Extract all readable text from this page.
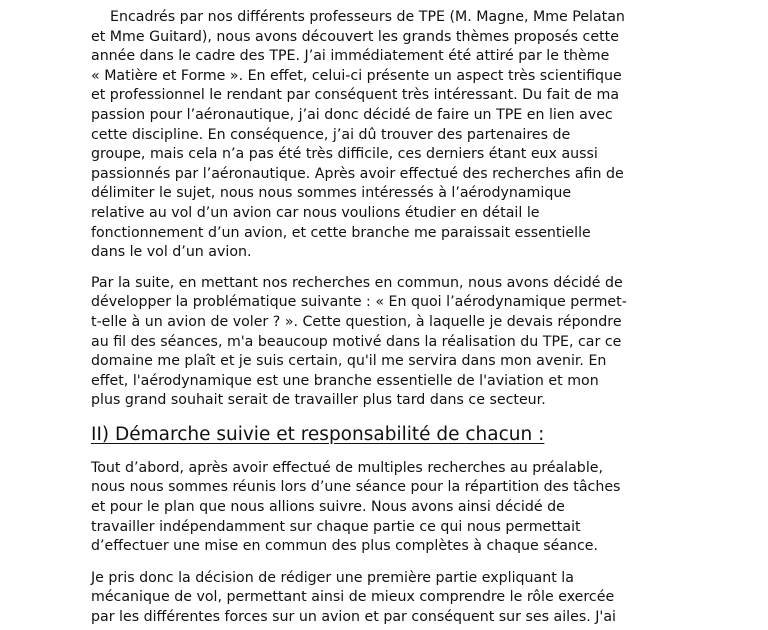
Encadrés par nos différents professeurs de TPE (M. Magne, Mme Pelatan
et Mme Guitard), nous avons découvert les grands thèmes proposés cette
année dans le cadre des TPE. J’ai immédiatement été attiré par le thème
« Matière et Forme ». En effet, celui-ci présente un aspect très scientifique
et professionnel le rendant par conséquent très intéressant. Du fait de ma
passion pour l’aéronautique, j’ai donc décidé de faire un TPE en lien avec
cette discipline. En conséquence, j’ai dû trouver des partenaires de
groupe, mais cela n’a pas été très difficile, ces derniers étant eux aussi
passionnés par l’aéronautique. Après avoir effectué des recherches afin de
délimiter le sujet, nous nous sommes intéressés à l’aérodynamique
relative au vol d’un avion car nous voulions étudier en détail le
fonctionnement d’un avion, et cette branche me paraissait essentielle
dans le vol d’un avion.

Par la suite, en mettant nos recherches en commun, nous avons décidé de
développer la problématique suivante : « En quoi l’aérodynamique permet-
t-elle à un avion de voler ? ». Cette question, à laquelle je devais répondre
au fil des séances, m'a beaucoup motivé dans la réalisation du TPE, car ce
domaine me plaît et je suis certain, qu'il me servira dans mon avenir. En
effet, l'aérodynamique est une branche essentielle de l'aviation et mon
plus grand souhait serait de travailler plus tard dans ce secteur.

II) Démarche suivie et responsabilité de chacun :

Tout d’abord, après avoir effectué de multiples recherches au préalable,
nous nous sommes réunis lors d’une séance pour la répartition des tâches
et pour le plan que nous allions suivre. Nous avons ainsi décidé de
travailler indépendamment sur chaque partie ce qui nous permettait
d’effectuer une mise en commun des plus complètes à chaque séance.

Je pris donc la décision de rédiger une première partie expliquant la
mécanique de vol, permettant ainsi de mieux comprendre le rôle exercée
par les différentes forces sur un avion et par conséquent sur ses ailes. J'ai
